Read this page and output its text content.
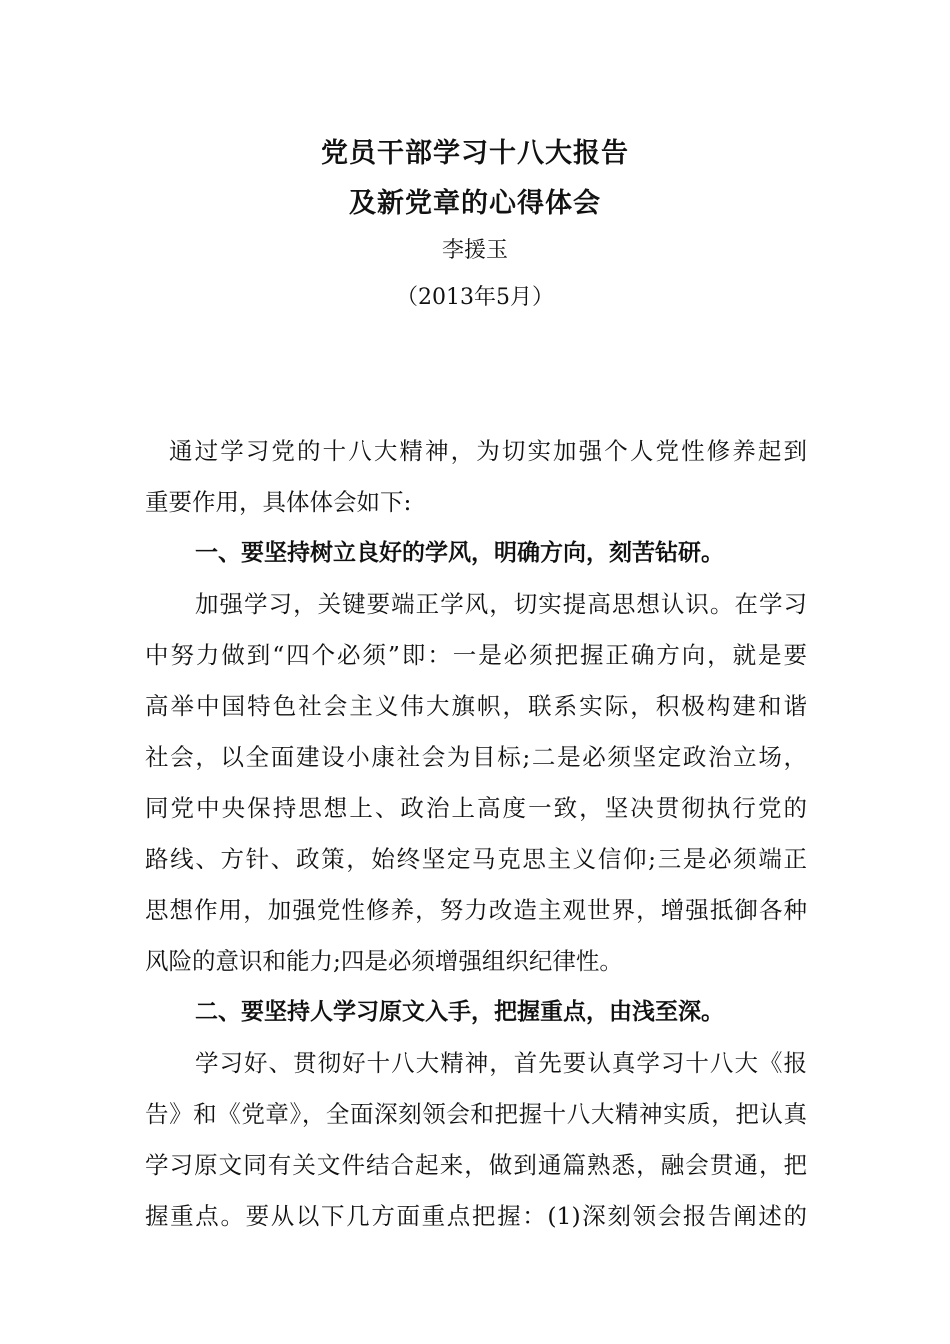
党员干部学习十八大报告
及新党章的心得体会
李援玉
（2013年5月）
通过学习党的十八大精神，为切实加强个人党性修养起到
重要作用，具体体会如下:
一、要坚持树立良好的学风，明确方向，刻苦钻研。
加强学习，关键要端正学风，切实提高思想认识。在学习
中努力做到“四个必须”即：一是必须把握正确方向，就是要
高举中国特色社会主义伟大旗帜，联系实际，积极构建和谐
社会，以全面建设小康社会为目标;二是必须坚定政治立场，
同党中央保持思想上、政治上高度一致，坚决贯彻执行党的
路线、方针、政策，始终坚定马克思主义信仰;三是必须端正
思想作用，加强党性修养，努力改造主观世界，增强抵御各种
风险的意识和能力;四是必须增强组织纪律性。
二、要坚持人学习原文入手，把握重点，由浅至深。
学习好、贯彻好十八大精神，首先要认真学习十八大《报
告》和《党章》，全面深刻领会和把握十八大精神实质，把认真
学习原文同有关文件结合起来，做到通篇熟悉，融会贯通，把
握重点。要从以下几方面重点把握：(1)深刻领会报告阐述的
